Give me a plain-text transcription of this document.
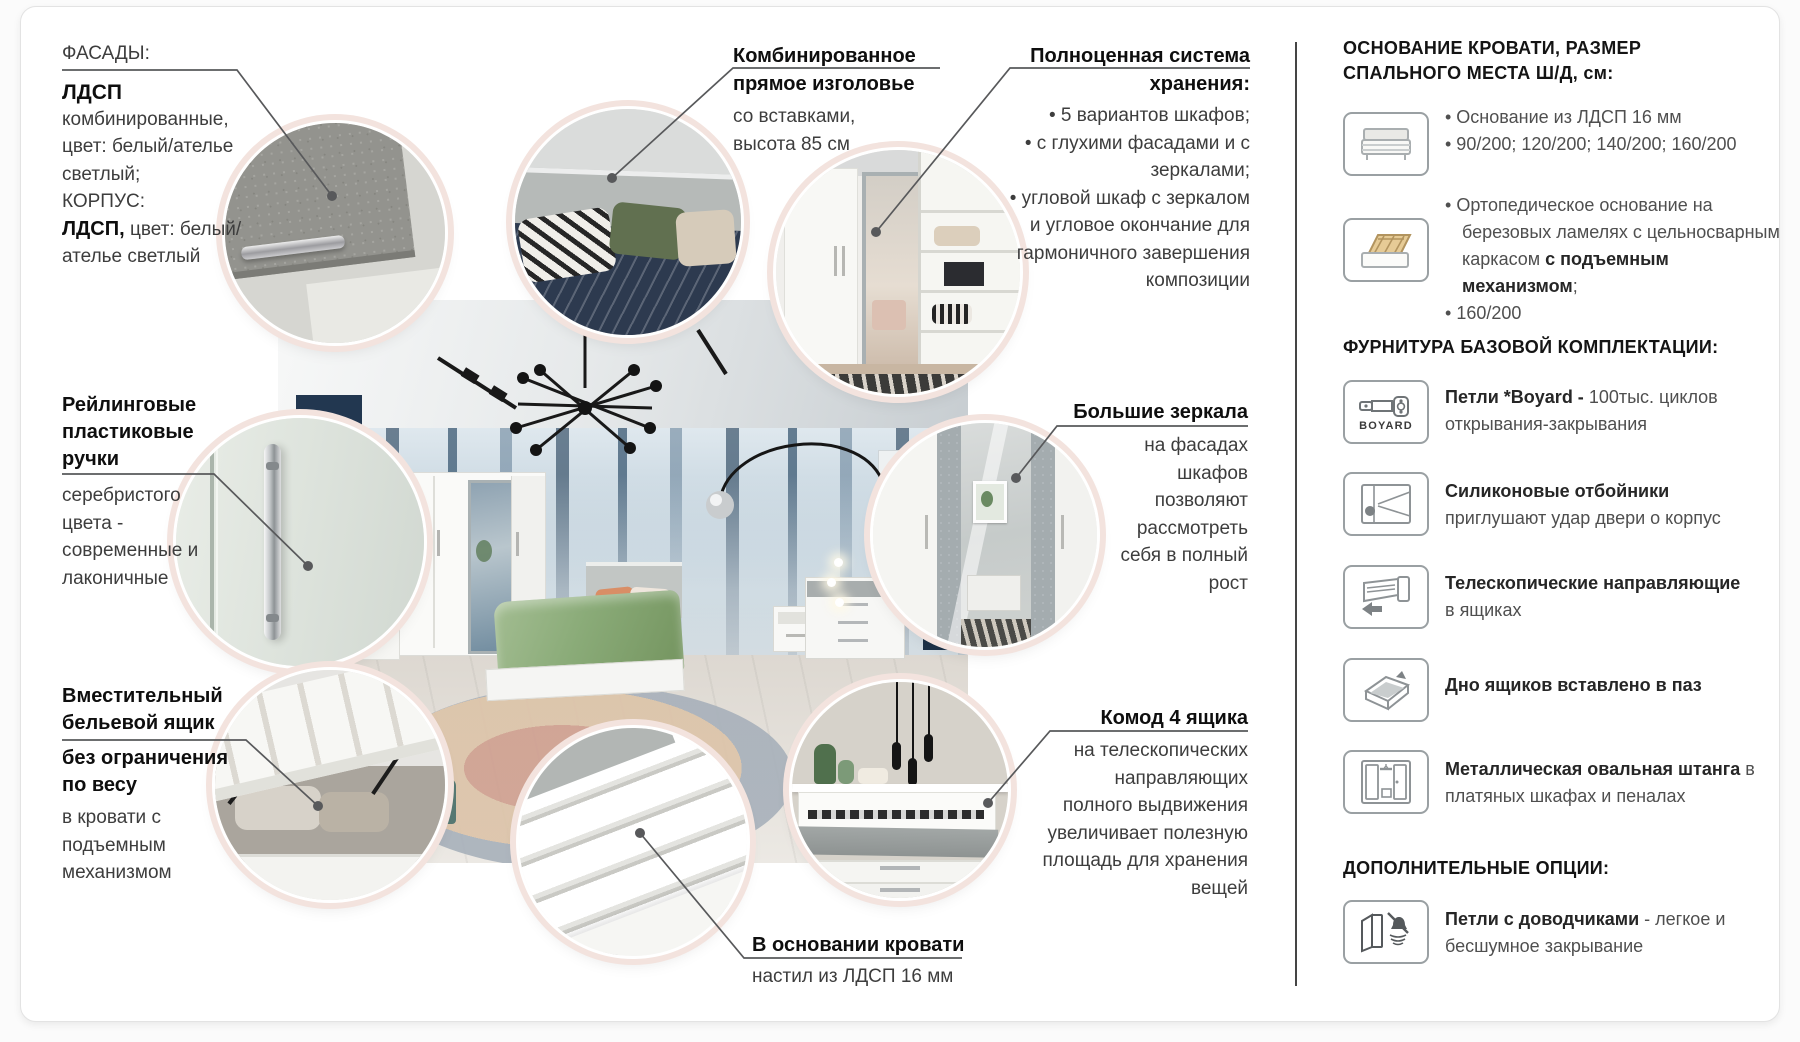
ФАСАДЫ:
ЛДСП
комбинированные,
цвет: белый/ателье
светлый;
КОРПУС:
ЛДСП, цвет: белый/
ателье светлый
Комбинированное
прямое изголовье
со вставками,
высота 85 см
Полноценная система
хранения:
• 5 вариантов шкафов;
• с глухими фасадами и с зеркалами;
• угловой шкаф с зеркалом и угловое окончание для гармоничного завершения композиции
Рейлинговые
пластиковые
ручки
серебристого
цвета -
современные и
лаконичные
Большие зеркала
на фасадах шкафов
позволяют
рассмотреть
себя в полный
рост
Вместительный
бельевой ящик
без ограничения
по весу
в кровати с
подъемным
механизмом
Комод 4 ящика
на телескопических
направляющих
полного выдвижения
увеличивает полезную
площадь для хранения
вещей
В основании кровати
настил из ЛДСП 16 мм
ОСНОВАНИЕ КРОВАТИ, РАЗМЕР
СПАЛЬНОГО МЕСТА Ш/Д, см:
• Основание из ЛДСП 16 мм
• 90/200; 120/200; 140/200; 160/200
• Ортопедическое основание на березовых ламелях с цельносварным каркасом с подъемным механизмом;
• 160/200
ФУРНИТУРА БАЗОВОЙ КОМПЛЕКТАЦИИ:
BOYARD
Петли *Boyard - 100тыс. циклов открывания-закрывания
Силиконовые отбойники
приглушают удар двери о корпус
Телескопические направляющие
в ящиках
Дно ящиков вставлено в паз
Металлическая овальная штанга в платяных шкафах и пеналах
ДОПОЛНИТЕЛЬНЫЕ ОПЦИИ:
Петли с доводчиками - легкое и бесшумное закрывание
